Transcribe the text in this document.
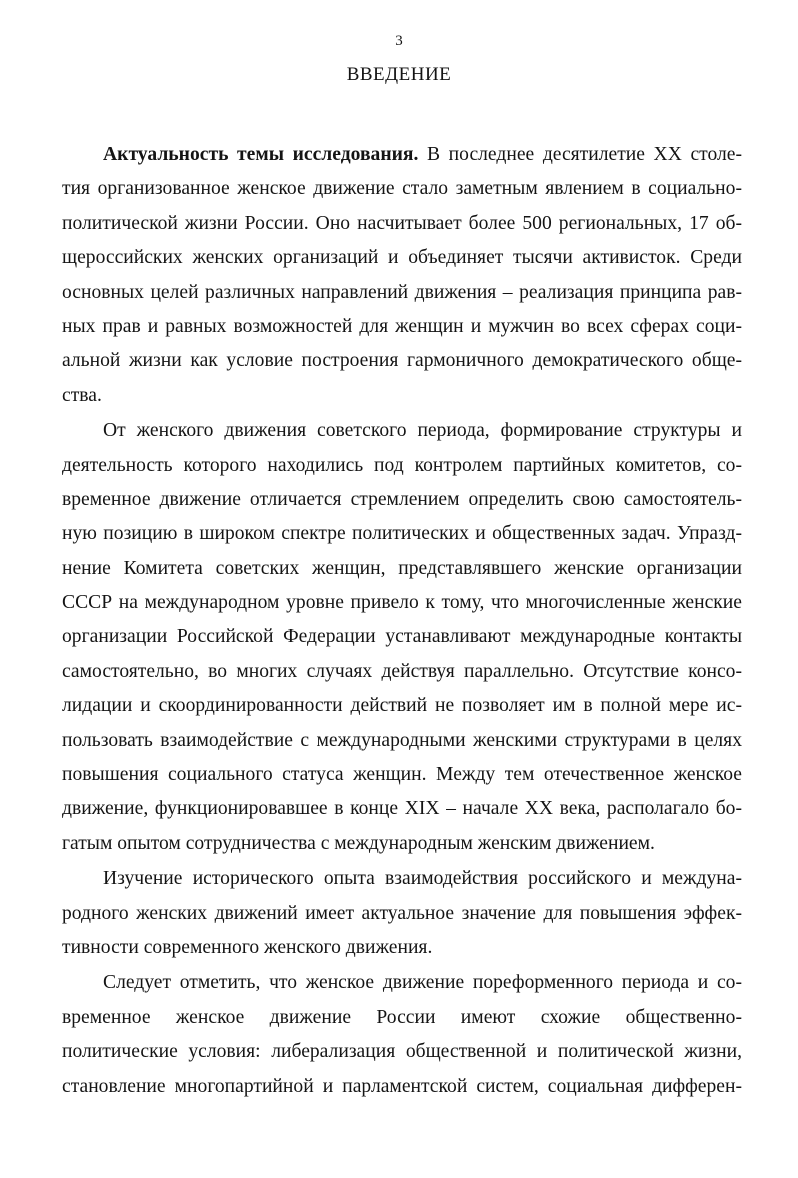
3
ВВЕДЕНИЕ
Актуальность темы исследования. В последнее десятилетие XX столе-
тия организованное женское движение стало заметным явлением в социально-
политической жизни России. Оно насчитывает более 500 региональных, 17 об-
щероссийских женских организаций и объединяет тысячи активисток. Среди
основных целей различных направлений движения – реализация принципа рав-
ных прав и равных возможностей для женщин и мужчин во всех сферах соци-
альной жизни как условие построения гармоничного демократического обще-
ства.
От женского движения советского периода, формирование структуры и
деятельность которого находились под контролем партийных комитетов, со-
временное движение отличается стремлением определить свою самостоятель-
ную позицию в широком спектре политических и общественных задач. Упразд-
нение Комитета советских женщин, представлявшего женские организации
СССР на международном уровне привело к тому, что многочисленные женские
организации Российской Федерации устанавливают международные контакты
самостоятельно, во многих случаях действуя параллельно. Отсутствие консо-
лидации и скоординированности действий не позволяет им в полной мере ис-
пользовать взаимодействие с международными женскими структурами в целях
повышения социального статуса женщин. Между тем отечественное женское
движение, функционировавшее в конце XIX – начале XX века, располагало бо-
гатым опытом сотрудничества с международным женским движением.
Изучение исторического опыта взаимодействия российского и междуна-
родного женских движений имеет актуальное значение для повышения эффек-
тивности современного женского движения.
Следует отметить, что женское движение пореформенного периода и со-
временное женское движение России имеют схожие общественно-
политические условия: либерализация общественной и политической жизни,
становление многопартийной и парламентской систем, социальная дифферен-
